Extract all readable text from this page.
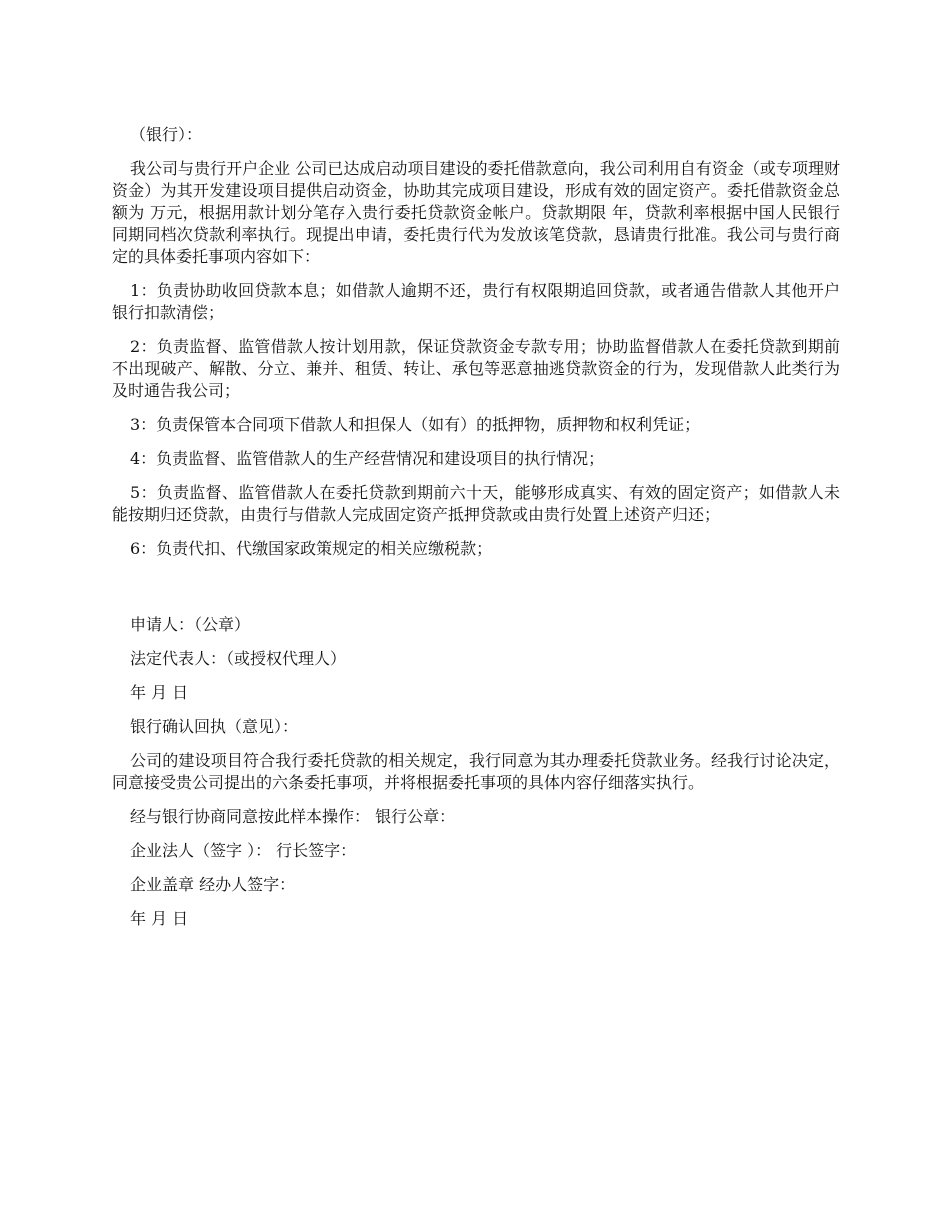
（银行）：

我公司与贵行开户企业 公司已达成启动项目建设的委托借款意向，我公司利用自有资金（或专项理财资金）为其开发建设项目提供启动资金，协助其完成项目建设，形成有效的固定资产。委托借款资金总额为 万元，根据用款计划分笔存入贵行委托贷款资金帐户。贷款期限 年，贷款利率根据中国人民银行同期同档次贷款利率执行。现提出申请，委托贵行代为发放该笔贷款，恳请贵行批准。我公司与贵行商定的具体委托事项内容如下：

1：负责协助收回贷款本息；如借款人逾期不还，贵行有权限期追回贷款，或者通告借款人其他开户银行扣款清偿；

2：负责监督、监管借款人按计划用款，保证贷款资金专款专用；协助监督借款人在委托贷款到期前不出现破产、解散、分立、兼并、租赁、转让、承包等恶意抽逃贷款资金的行为，发现借款人此类行为及时通告我公司；

3：负责保管本合同项下借款人和担保人（如有）的抵押物，质押物和权利凭证；

4：负责监督、监管借款人的生产经营情况和建设项目的执行情况；

5：负责监督、监管借款人在委托贷款到期前六十天，能够形成真实、有效的固定资产；如借款人未能按期归还贷款，由贵行与借款人完成固定资产抵押贷款或由贵行处置上述资产归还；

6：负责代扣、代缴国家政策规定的相关应缴税款；

申请人：（公章）

法定代表人：（或授权代理人）

年 月 日

银行确认回执（意见）：

公司的建设项目符合我行委托贷款的相关规定，我行同意为其办理委托贷款业务。经我行讨论决定，同意接受贵公司提出的六条委托事项，并将根据委托事项的具体内容仔细落实执行。

经与银行协商同意按此样本操作： 银行公章：

企业法人（签字 ）： 行长签字：

企业盖章 经办人签字：

年 月 日
